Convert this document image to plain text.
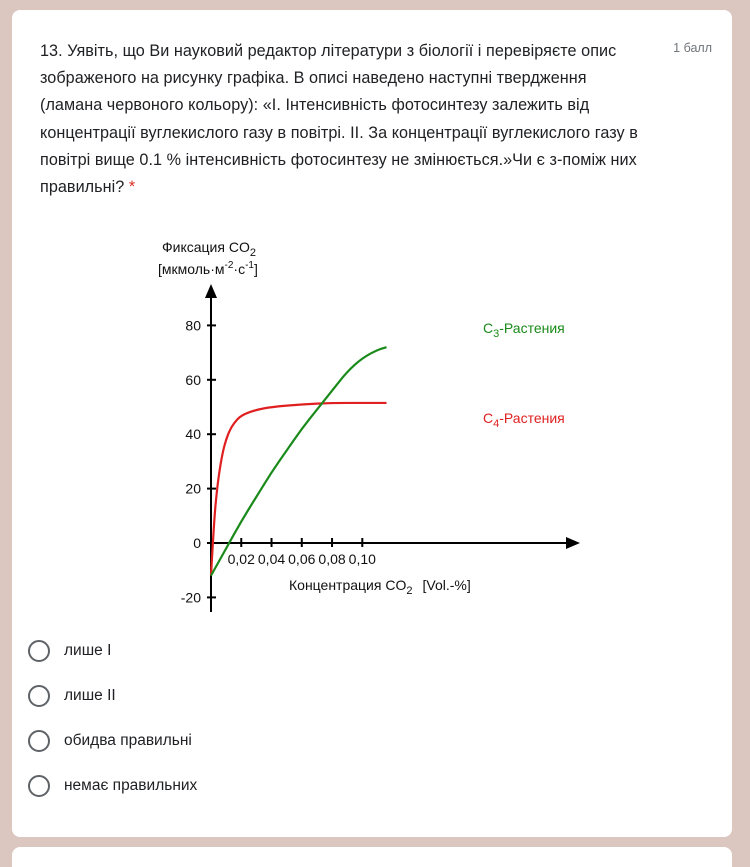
13. Уявіть, що Ви науковий редактор літератури з біології і перевіряєте опис зображеного на рисунку графіка. В описі наведено наступні твердження (ламана червоного кольору): «I. Інтенсивність фотосинтезу залежить від концентрації вуглекислого газу в повітрі. II. За концентрації вуглекислого газу в повітрі вище 0.1 % інтенсивність фотосинтезу не змінюється.»Чи є з-поміж них правильні? *
1 балл
Фиксация $CO_2$
$[мкмоль\cdot м^{-2}\cdot с^{-1}]$
80
60
40
20
0
-20
0,02 0,04 0,06 0,08 0,10
$C_4$-Растения
$C_3$-Растения
Концентрация $CO_2$ [Vol.-%]
лише I
лише II
обидва правильні
немає правильних
